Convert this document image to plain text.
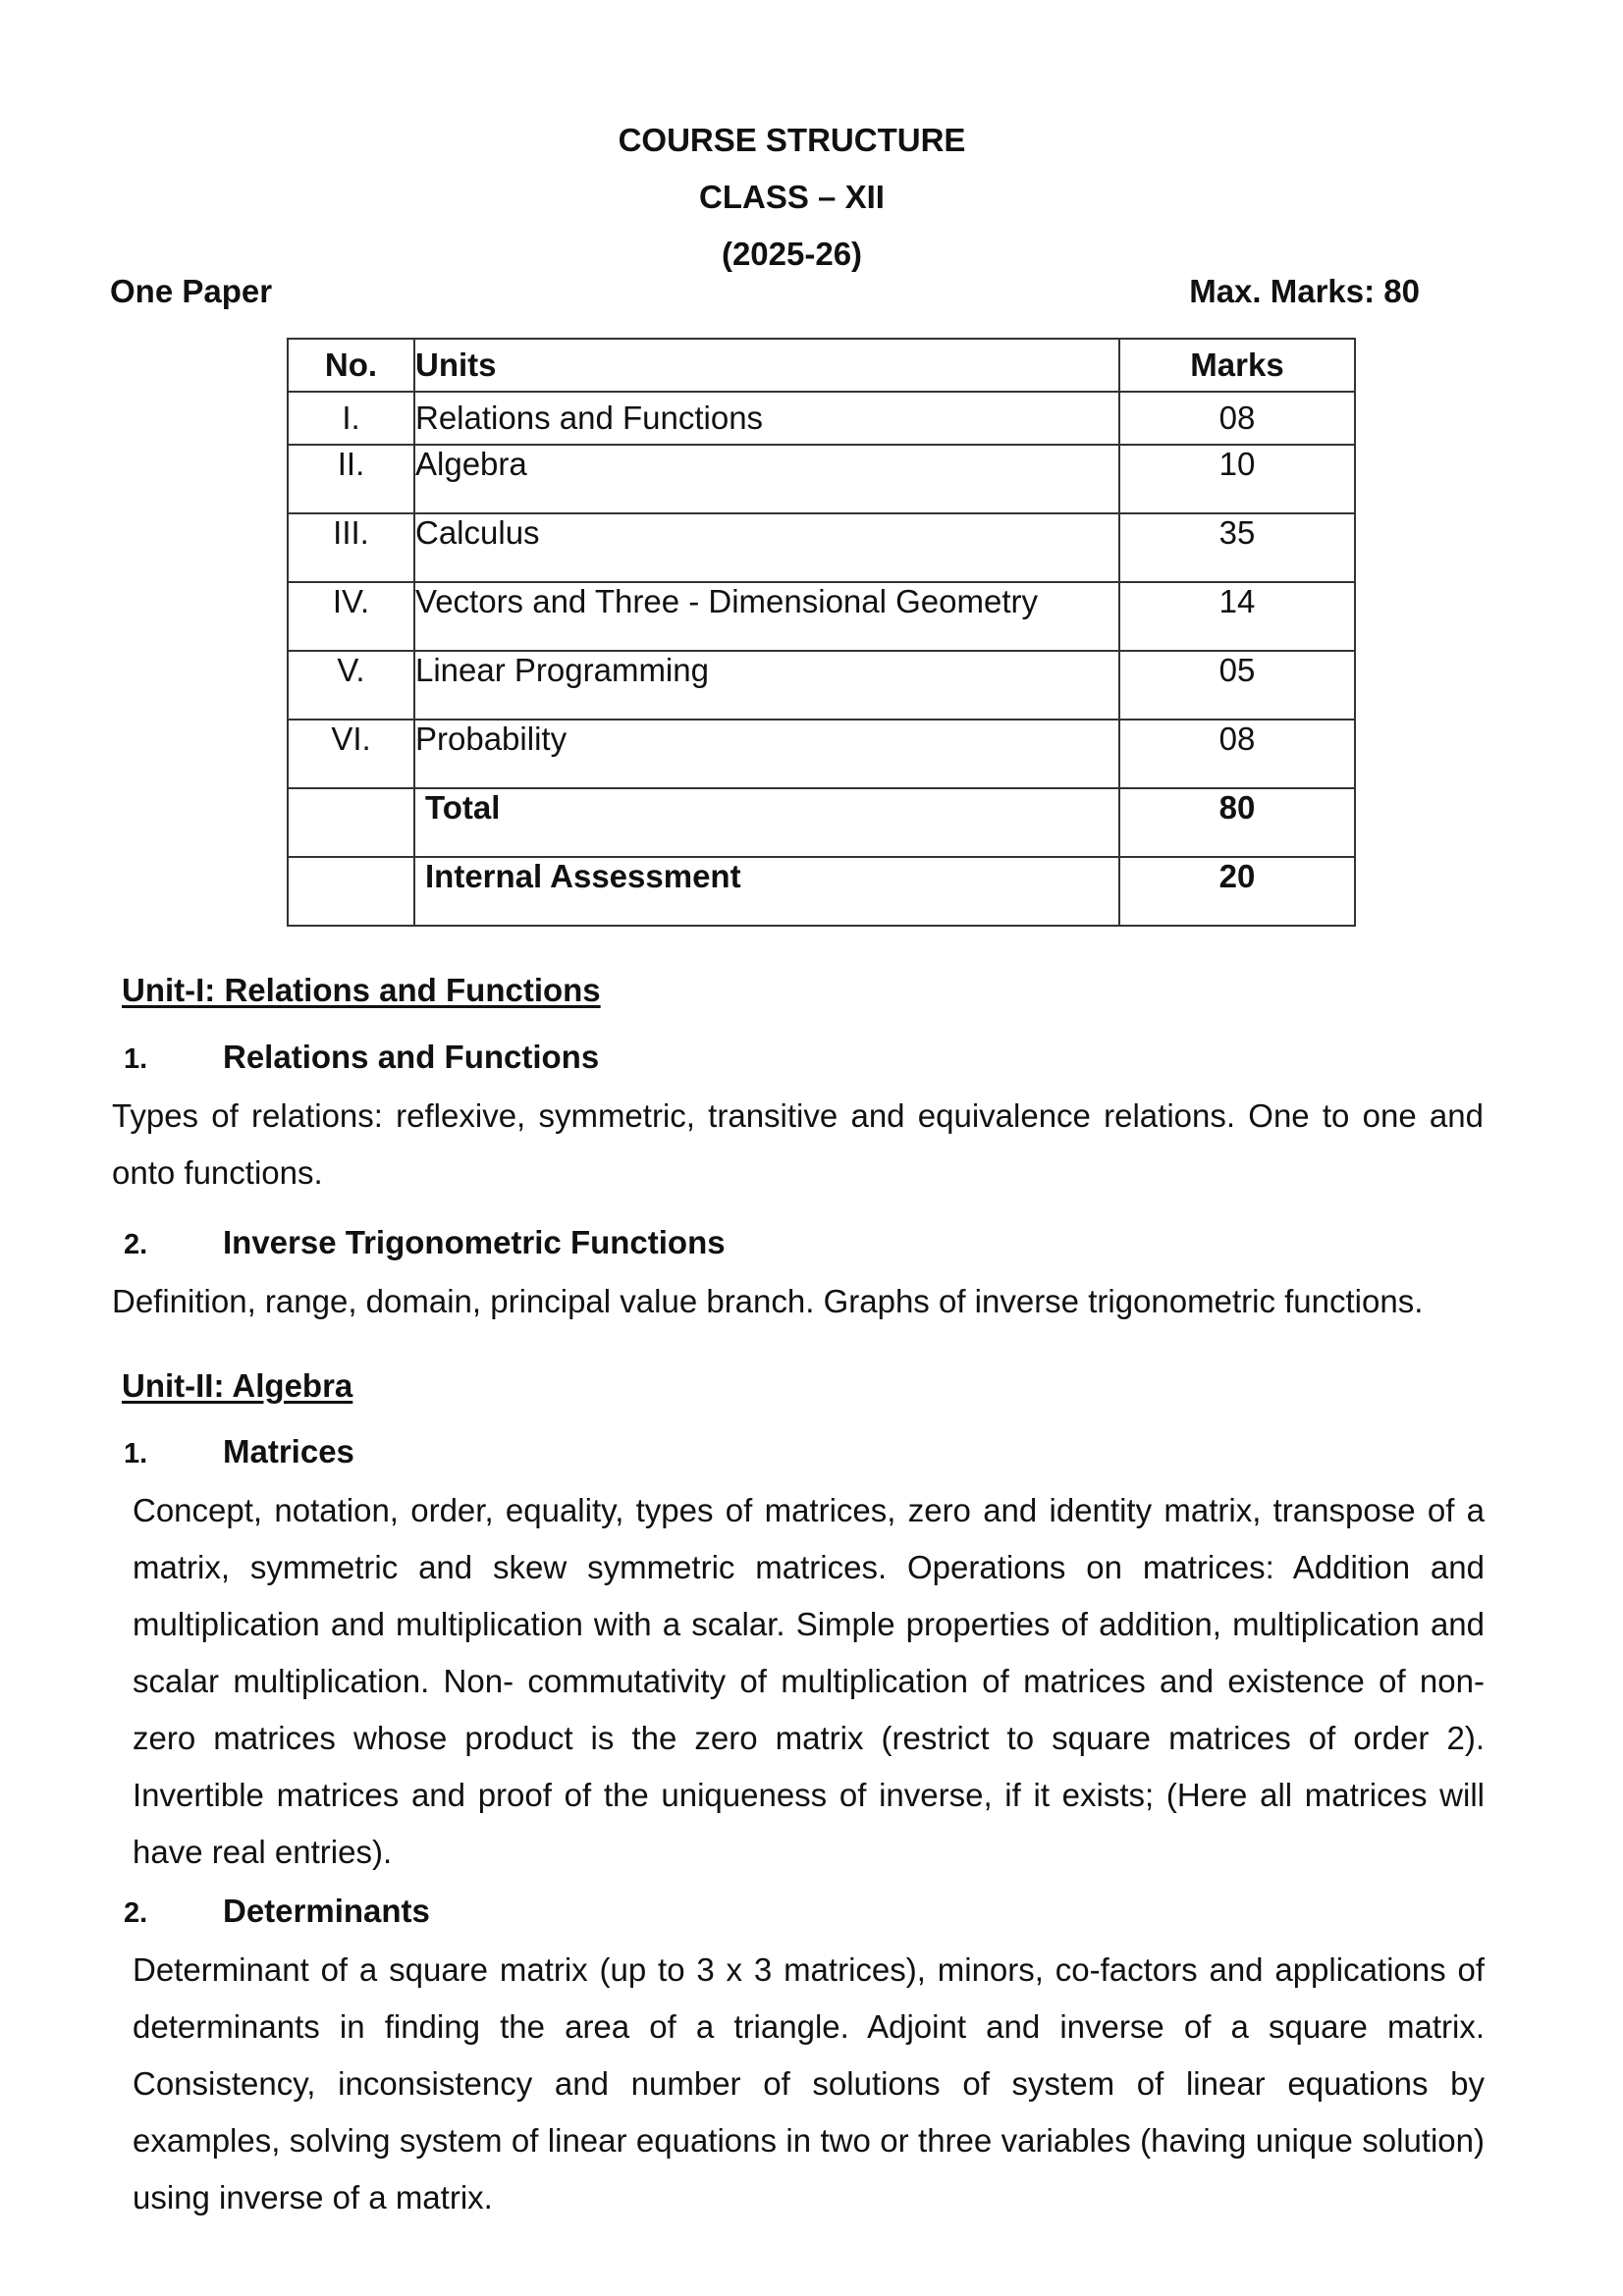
COURSE STRUCTURE
CLASS – XII
(2025-26)
One Paper	Max. Marks: 80
No.	Units	Marks
I.	Relations and Functions	08
II.	Algebra	10
III.	Calculus	35
IV.	Vectors and Three - Dimensional Geometry	14
V.	Linear Programming	05
VI.	Probability	08
	Total	80
	Internal Assessment	20
Unit-I: Relations and Functions
1. Relations and Functions
Types of relations: reflexive, symmetric, transitive and equivalence relations. One to one and onto functions.
2. Inverse Trigonometric Functions
Definition, range, domain, principal value branch. Graphs of inverse trigonometric functions.
Unit-II: Algebra
1. Matrices
Concept, notation, order, equality, types of matrices, zero and identity matrix, transpose of a matrix, symmetric and skew symmetric matrices. Operations on matrices: Addition and multiplication and multiplication with a scalar. Simple properties of addition, multiplication and scalar multiplication. Non- commutativity of multiplication of matrices and existence of non-zero matrices whose product is the zero matrix (restrict to square matrices of order 2). Invertible matrices and proof of the uniqueness of inverse, if it exists; (Here all matrices will have real entries).
2. Determinants
Determinant of a square matrix (up to 3 x 3 matrices), minors, co-factors and applications of determinants in finding the area of a triangle. Adjoint and inverse of a square matrix. Consistency, inconsistency and number of solutions of system of linear equations by examples, solving system of linear equations in two or three variables (having unique solution) using inverse of a matrix.
